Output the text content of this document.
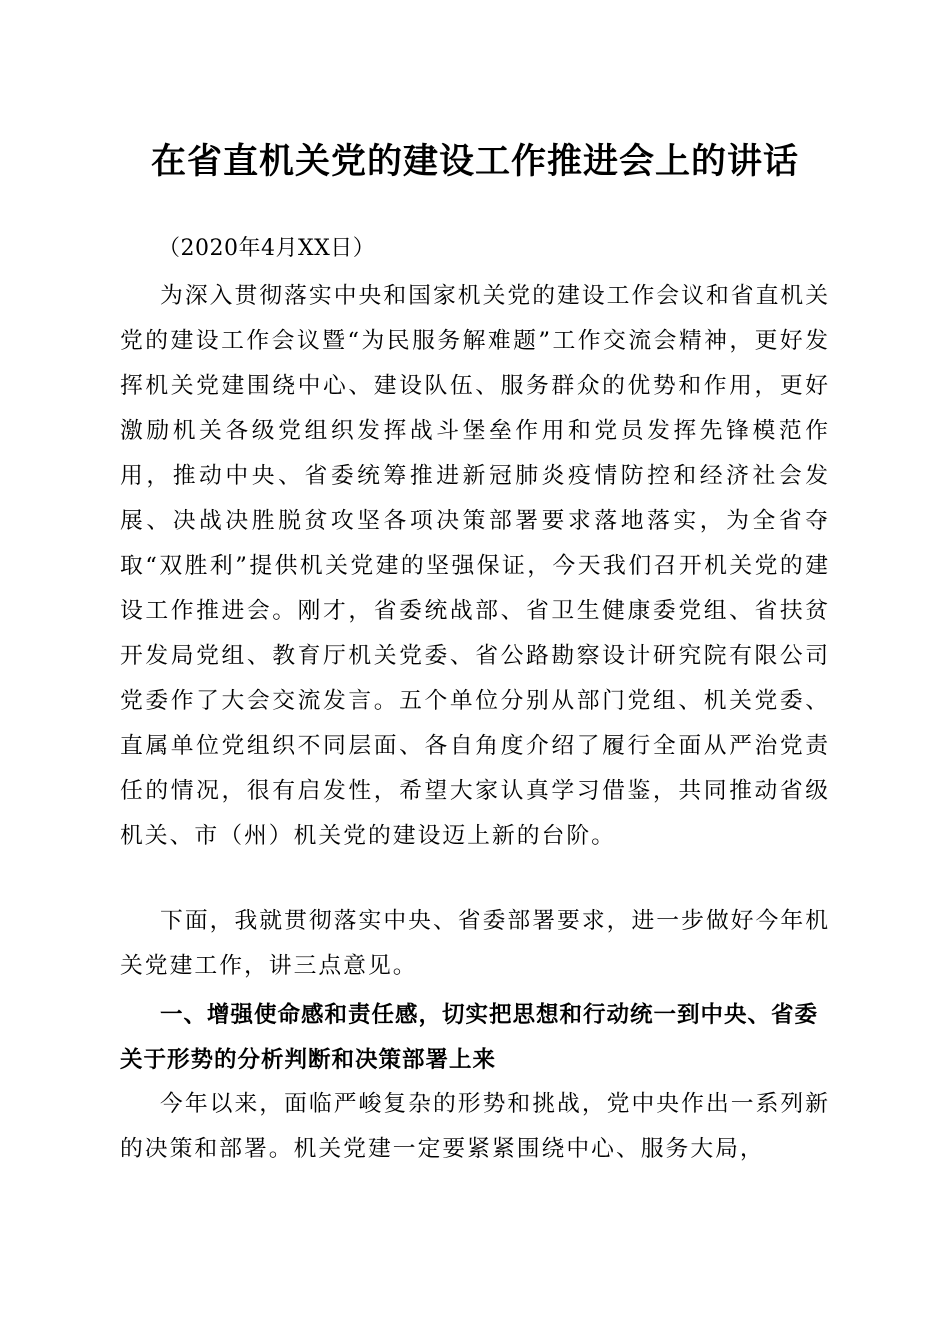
在省直机关党的建设工作推进会上的讲话
（2020年4月XX日）
为深入贯彻落实中央和国家机关党的建设工作会议和省直机关党的建设工作会议暨“为民服务解难题”工作交流会精神，更好发挥机关党建围绕中心、建设队伍、服务群众的优势和作用，更好激励机关各级党组织发挥战斗堡垒作用和党员发挥先锋模范作用，推动中央、省委统筹推进新冠肺炎疫情防控和经济社会发展、决战决胜脱贫攻坚各项决策部署要求落地落实，为全省夺取“双胜利”提供机关党建的坚强保证，今天我们召开机关党的建设工作推进会。刚才，省委统战部、省卫生健康委党组、省扶贫开发局党组、教育厅机关党委、省公路勘察设计研究院有限公司党委作了大会交流发言。五个单位分别从部门党组、机关党委、直属单位党组织不同层面、各自角度介绍了履行全面从严治党责任的情况，很有启发性，希望大家认真学习借鉴，共同推动省级机关、市（州）机关党的建设迈上新的台阶。
下面，我就贯彻落实中央、省委部署要求，进一步做好今年机关党建工作，讲三点意见。
一、增强使命感和责任感，切实把思想和行动统一到中央、省委关于形势的分析判断和决策部署上来
今年以来，面临严峻复杂的形势和挑战，党中央作出一系列新的决策和部署。机关党建一定要紧紧围绕中心、服务大局，
